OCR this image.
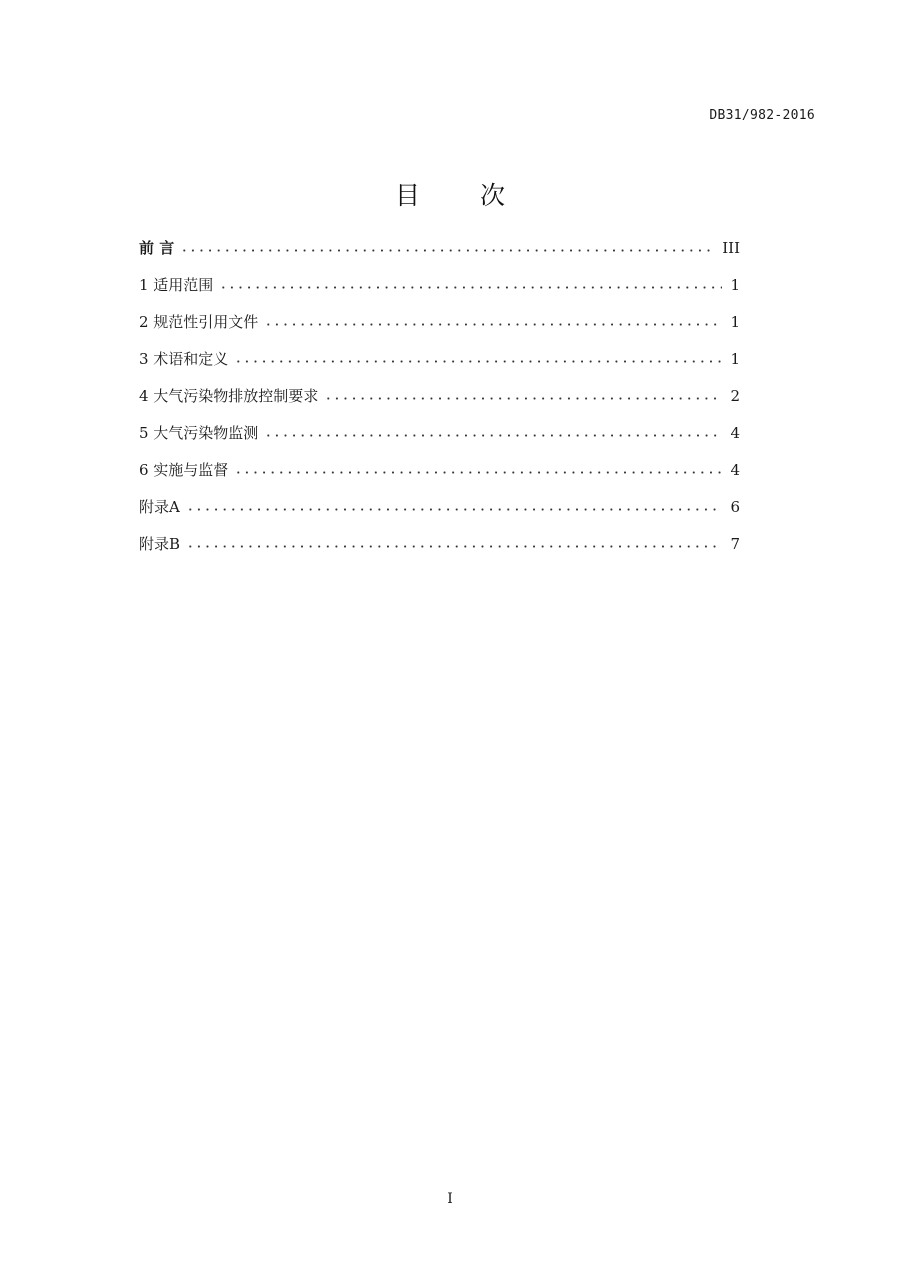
DB31/982-2016
目 次
前 言	III
1 适用范围	1
2 规范性引用文件	1
3 术语和定义	1
4 大气污染物排放控制要求	2
5 大气污染物监测	4
6 实施与监督	4
附录A	6
附录B	7
I
